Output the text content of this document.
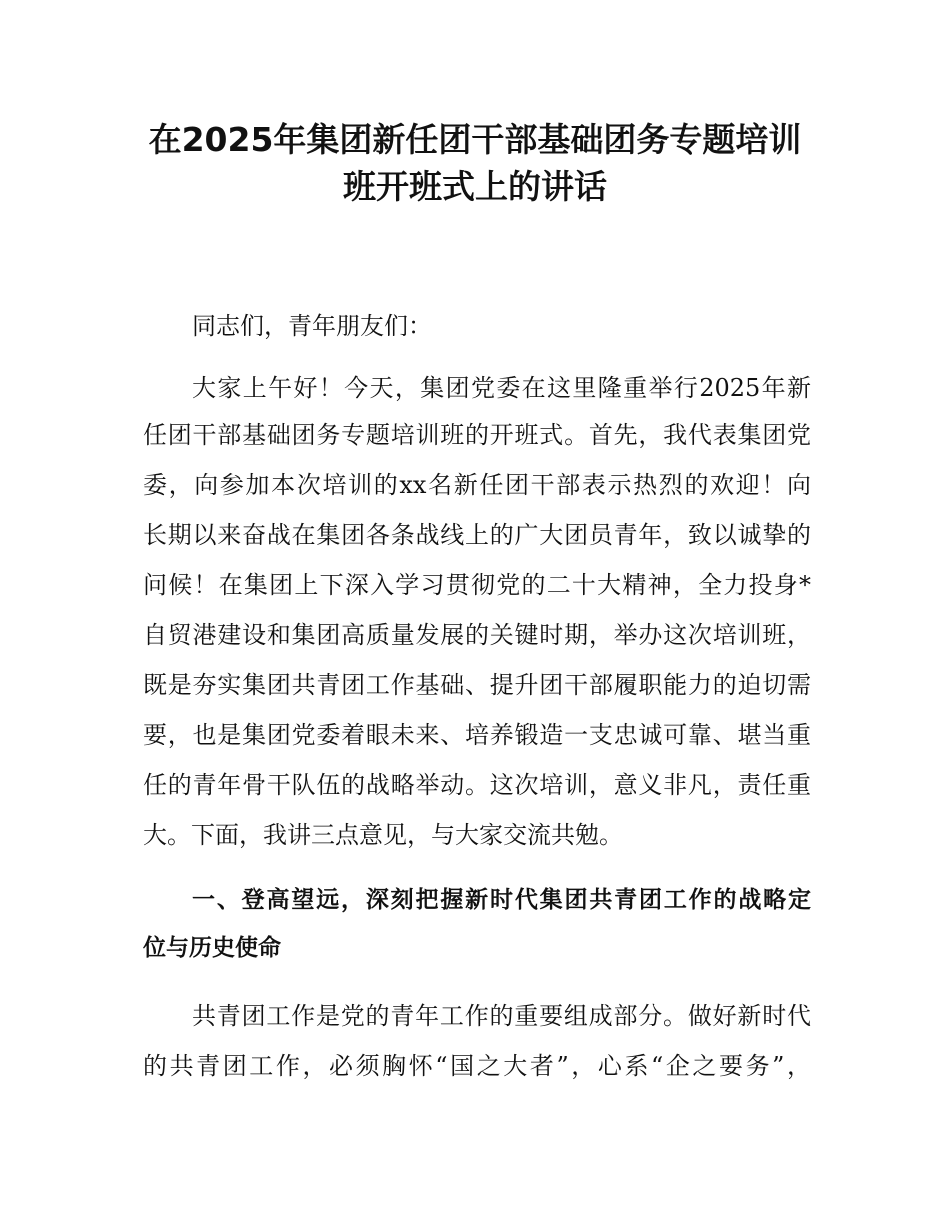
在2025年集团新任团干部基础团务专题培训
班开班式上的讲话
同志们，青年朋友们：
大家上午好！今天，集团党委在这里隆重举行2025年新
任团干部基础团务专题培训班的开班式。首先，我代表集团党
委，向参加本次培训的xx名新任团干部表示热烈的欢迎！向
长期以来奋战在集团各条战线上的广大团员青年，致以诚挚的
问候！在集团上下深入学习贯彻党的二十大精神，全力投身*
自贸港建设和集团高质量发展的关键时期，举办这次培训班，
既是夯实集团共青团工作基础、提升团干部履职能力的迫切需
要，也是集团党委着眼未来、培养锻造一支忠诚可靠、堪当重
任的青年骨干队伍的战略举动。这次培训，意义非凡，责任重
大。下面，我讲三点意见，与大家交流共勉。
一、登高望远，深刻把握新时代集团共青团工作的战略定
位与历史使命
共青团工作是党的青年工作的重要组成部分。做好新时代
的共青团工作，必须胸怀“国之大者”，心系“企之要务”，
